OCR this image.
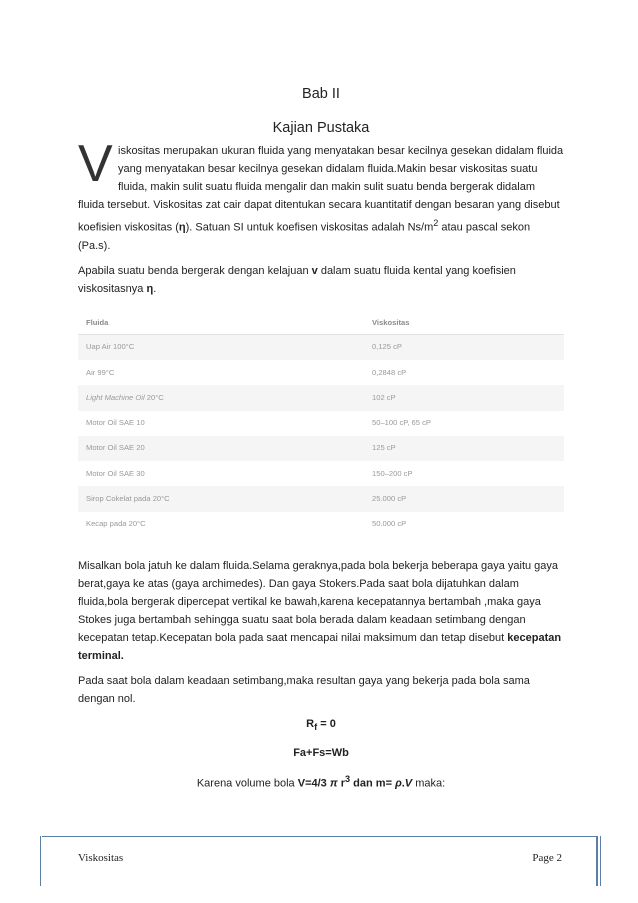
Bab II
Kajian Pustaka
Viskositas merupakan ukuran fluida yang menyatakan besar kecilnya gesekan didalam fluida yang menyatakan besar kecilnya gesekan didalam fluida.Makin besar viskositas suatu fluida, makin sulit suatu fluida mengalir dan makin sulit suatu benda bergerak didalam fluida tersebut. Viskositas zat cair dapat ditentukan secara kuantitatif dengan besaran yang disebut koefisien viskositas (η). Satuan SI untuk koefisen viskositas adalah $Ns/m^2$ atau pascal sekon (Pa.s).
Apabila suatu benda bergerak dengan kelajuan v dalam suatu fluida kental yang koefisien viskositasnya η.
Fluida	Viskositas
Uap Air 100°C	0,125 cP
Air 99°C	0,2848 cP
Light Machine Oil 20°C	102 cP
Motor Oil SAE 10	50–100 cP, 65 cP
Motor Oil SAE 20	125 cP
Motor Oil SAE 30	150–200 cP
Sirop Cokelat pada 20°C	25.000 cP
Kecap pada 20°C	50.000 cP
Misalkan bola jatuh ke dalam fluida.Selama geraknya,pada bola bekerja beberapa gaya yaitu gaya berat,gaya ke atas (gaya archimedes). Dan gaya Stokers.Pada saat bola dijatuhkan dalam fluida,bola bergerak dipercepat vertikal ke bawah,karena kecepatannya bertambah ,maka gaya Stokes juga bertambah sehingga suatu saat bola berada dalam keadaan setimbang dengan kecepatan tetap.Kecepatan bola pada saat mencapai nilai maksimum dan tetap disebut kecepatan terminal.
Pada saat bola dalam keadaan setimbang,maka resultan gaya yang bekerja pada bola sama dengan nol.
$R_f = 0$
Fa+Fs=Wb
Karena volume bola V=4/3 π $r^3$ dan m= ρ.V maka:
Viskositas	Page 2
